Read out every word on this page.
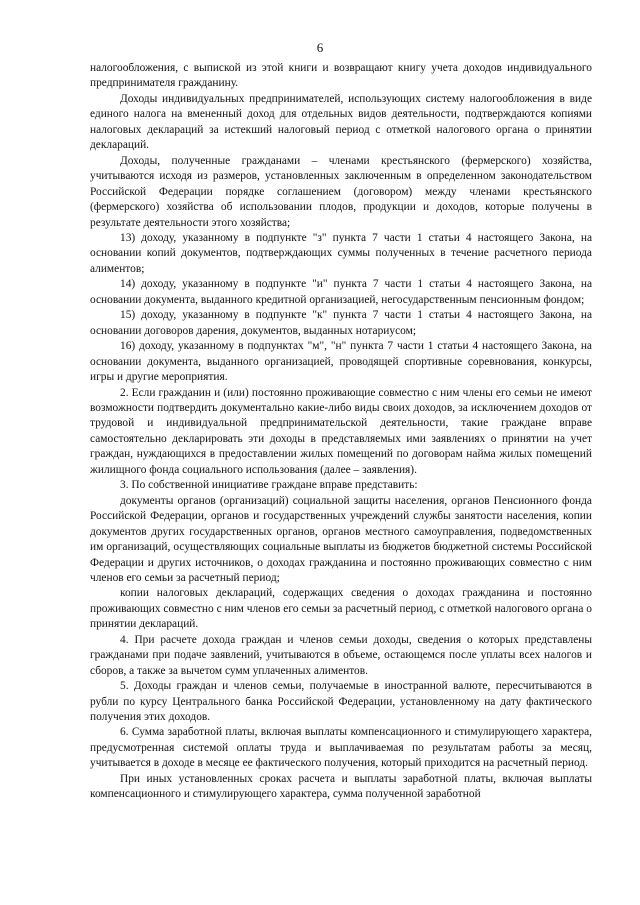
6

налогообложения, с выпиской из этой книги и возвращают книгу учета доходов индивидуального предпринимателя гражданину.

Доходы индивидуальных предпринимателей, использующих систему налогообложения в виде единого налога на вмененный доход для отдельных видов деятельности, подтверждаются копиями налоговых деклараций за истекший налоговый период с отметкой налогового органа о принятии деклараций.

Доходы, полученные гражданами – членами крестьянского (фермерского) хозяйства, учитываются исходя из размеров, установленных заключенным в определенном законодательством Российской Федерации порядке соглашением (договором) между членами крестьянского (фермерского) хозяйства об использовании плодов, продукции и доходов, которые получены в результате деятельности этого хозяйства;

13) доходу, указанному в подпункте "з" пункта 7 части 1 статьи 4 настоящего Закона, на основании копий документов, подтверждающих суммы полученных в течение расчетного периода алиментов;

14) доходу, указанному в подпункте "и" пункта 7 части 1 статьи 4 настоящего Закона, на основании документа, выданного кредитной организацией, негосударственным пенсионным фондом;

15) доходу, указанному в подпункте "к" пункта 7 части 1 статьи 4 настоящего Закона, на основании договоров дарения, документов, выданных нотариусом;

16) доходу, указанному в подпунктах "м", "н" пункта 7 части 1 статьи 4 настоящего Закона, на основании документа, выданного организацией, проводящей спортивные соревнования, конкурсы, игры и другие мероприятия.

2. Если гражданин и (или) постоянно проживающие совместно с ним члены его семьи не имеют возможности подтвердить документально какие-либо виды своих доходов, за исключением доходов от трудовой и индивидуальной предпринимательской деятельности, такие граждане вправе самостоятельно декларировать эти доходы в представляемых ими заявлениях о принятии на учет граждан, нуждающихся в предоставлении жилых помещений по договорам найма жилых помещений жилищного фонда социального использования (далее – заявления).

3. По собственной инициативе граждане вправе представить:

документы органов (организаций) социальной защиты населения, органов Пенсионного фонда Российской Федерации, органов и государственных учреждений службы занятости населения, копии документов других государственных органов, органов местного самоуправления, подведомственных им организаций, осуществляющих социальные выплаты из бюджетов бюджетной системы Российской Федерации и других источников, о доходах гражданина и постоянно проживающих совместно с ним членов его семьи за расчетный период;

копии налоговых деклараций, содержащих сведения о доходах гражданина и постоянно проживающих совместно с ним членов его семьи за расчетный период, с отметкой налогового органа о принятии деклараций.

4. При расчете дохода граждан и членов семьи доходы, сведения о которых представлены гражданами при подаче заявлений, учитываются в объеме, остающемся после уплаты всех налогов и сборов, а также за вычетом сумм уплаченных алиментов.

5. Доходы граждан и членов семьи, получаемые в иностранной валюте, пересчитываются в рубли по курсу Центрального банка Российской Федерации, установленному на дату фактического получения этих доходов.

6. Сумма заработной платы, включая выплаты компенсационного и стимулирующего характера, предусмотренная системой оплаты труда и выплачиваемая по результатам работы за месяц, учитывается в доходе в месяце ее фактического получения, который приходится на расчетный период.

При иных установленных сроках расчета и выплаты заработной платы, включая выплаты компенсационного и стимулирующего характера, сумма полученной заработной
